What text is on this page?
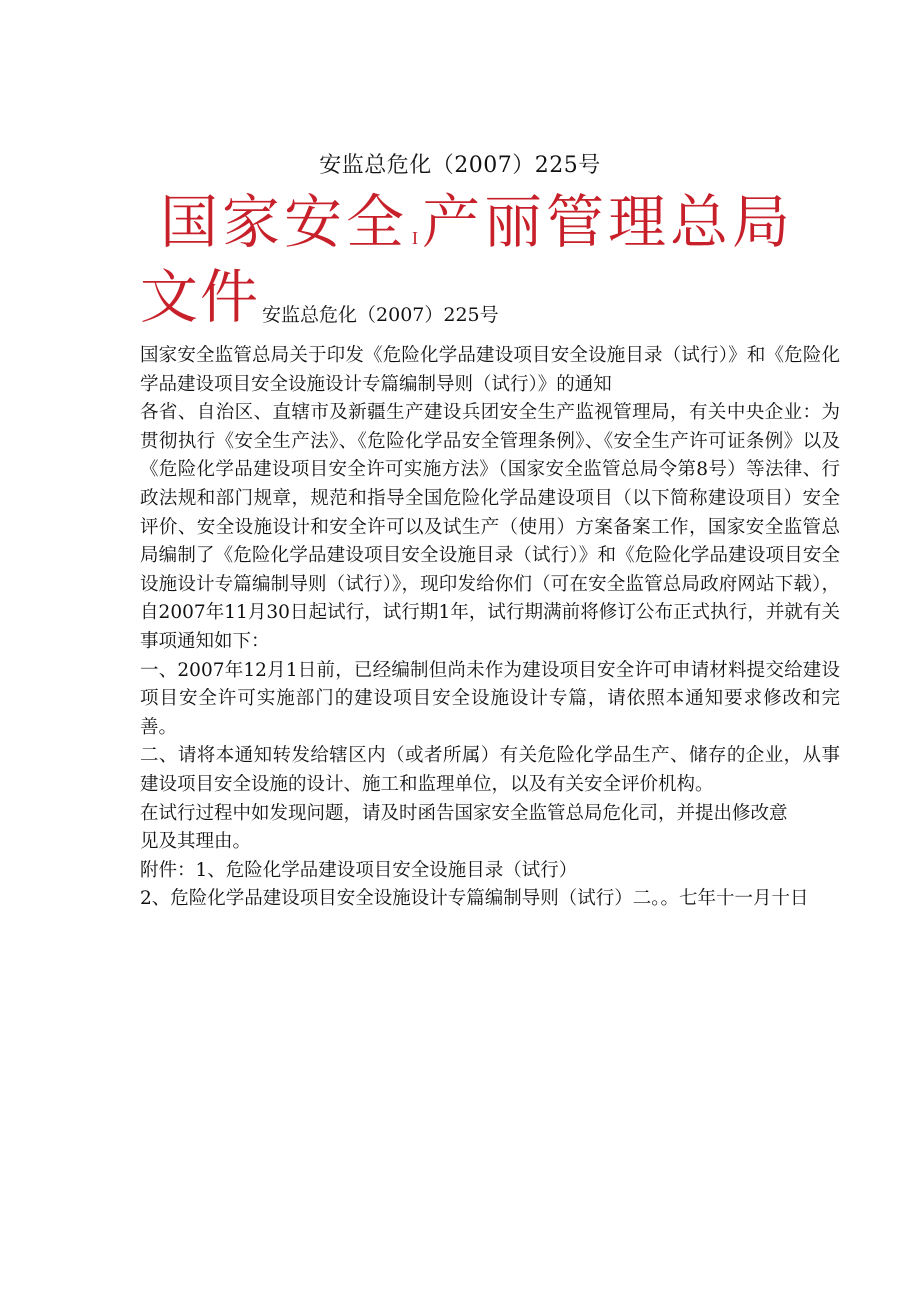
安监总危化（2007）225号
国家安全 I产丽管理总局
文件 安监总危化（2007）225号

国家安全监管总局关于印发《危险化学品建设项目安全设施目录（试行）》和《危险化学品建设项目安全设施设计专篇编制导则（试行）》的通知

各省、自治区、直辖市及新疆生产建设兵团安全生产监视管理局，有关中央企业：为贯彻执行《安全生产法》、《危险化学品安全管理条例》、《安全生产许可证条例》以及《危险化学品建设项目安全许可实施方法》（国家安全监管总局令第8号）等法律、行政法规和部门规章，规范和指导全国危险化学品建设项目（以下简称建设项目）安全评价、安全设施设计和安全许可以及试生产（使用）方案备案工作，国家安全监管总局编制了《危险化学品建设项目安全设施目录（试行）》和《危险化学品建设项目安全设施设计专篇编制导则（试行）》，现印发给你们（可在安全监管总局政府网站下载），自2007年11月30日起试行，试行期1年，试行期满前将修订公布正式执行，并就有关事项通知如下：

一、2007年12月1日前，已经编制但尚未作为建设项目安全许可申请材料提交给建设项目安全许可实施部门的建设项目安全设施设计专篇，请依照本通知要求修改和完善。

二、请将本通知转发给辖区内（或者所属）有关危险化学品生产、储存的企业，从事建设项目安全设施的设计、施工和监理单位，以及有关安全评价机构。

在试行过程中如发现问题，请及时函告国家安全监管总局危化司，并提出修改意

见及其理由。

附件：1、危险化学品建设项目安全设施目录（试行）

2、危险化学品建设项目安全设施设计专篇编制导则（试行）二。。七年十一月十日
